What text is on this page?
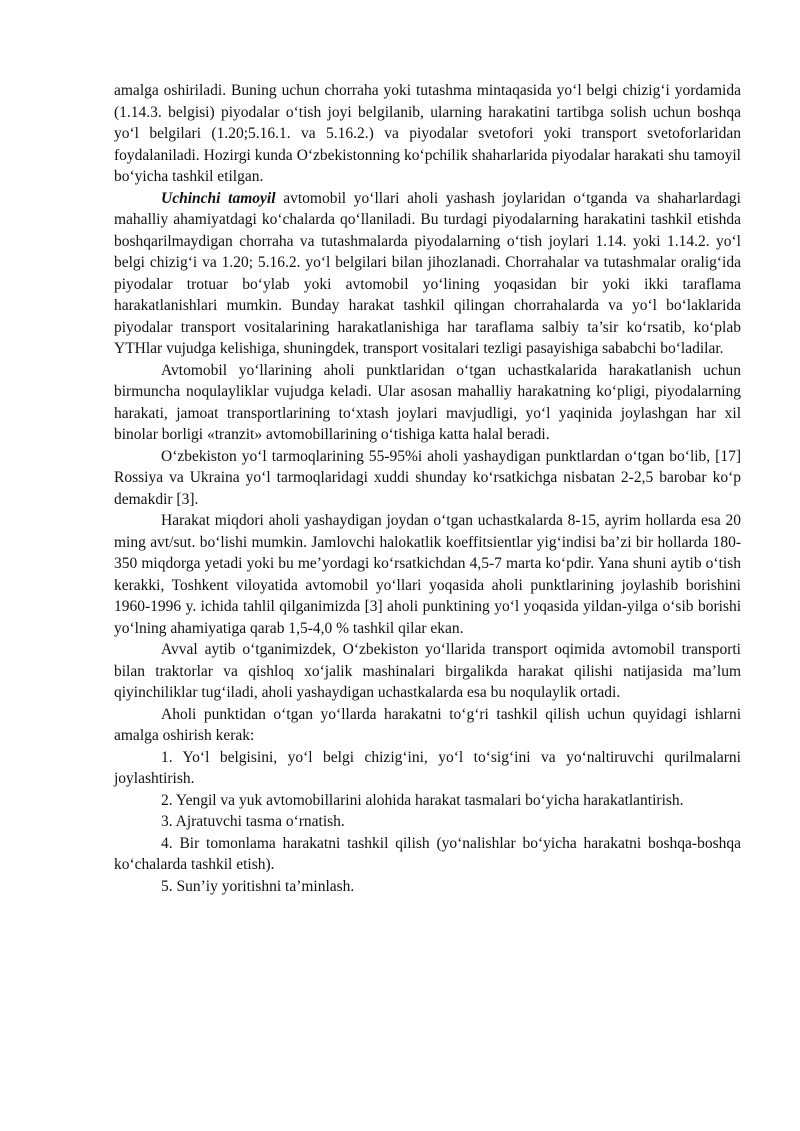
amalga oshiriladi. Buning uchun chorraha yoki tutashma mintaqasida yo‘l belgi chizig‘i yordamida (1.14.3. belgisi) piyodalar o‘tish joyi belgilanib, ularning harakatini tartibga solish uchun boshqa yo‘l belgilari (1.20;5.16.1. va 5.16.2.) va piyodalar svetofori yoki transport svetoforlaridan foydalaniladi. Hozirgi kunda O‘zbekistonning ko‘pchilik shaharlarida piyodalar harakati shu tamoyil bo‘yicha tashkil etilgan.

Uchinchi tamoyil avtomobil yo‘llari aholi yashash joylaridan o‘tganda va shaharlardagi mahalliy ahamiyatdagi ko‘chalarda qo‘llaniladi. Bu turdagi piyodalarning harakatini tashkil etishda boshqarilmaydigan chorraha va tutashmalarda piyodalarning o‘tish joylari 1.14. yoki 1.14.2. yo‘l belgi chizig‘i va 1.20; 5.16.2. yo‘l belgilari bilan jihozlanadi. Chorrahalar va tutashmalar oralig‘ida piyodalar trotuar bo‘ylab yoki avtomobil yo‘lining yoqasidan bir yoki ikki taraflama harakatlanishlari mumkin. Bunday harakat tashkil qilingan chorrahalarda va yo‘l bo‘laklarida piyodalar transport vositalarining harakatlanishiga har taraflama salbiy ta’sir ko‘rsatib, ko‘plab YTHlar vujudga kelishiga, shuningdek, transport vositalari tezligi pasayishiga sababchi bo‘ladilar.

Avtomobil yo‘llarining aholi punktlaridan o‘tgan uchastkalarida harakatlanish uchun birmuncha noqulayliklar vujudga keladi. Ular asosan mahalliy harakatning ko‘pligi, piyodalarning harakati, jamoat transportlarining to‘xtash joylari mavjudligi, yo‘l yaqinida joylashgan har xil binolar borligi «tranzit» avtomobillarining o‘tishiga katta halal beradi.

O‘zbekiston yo‘l tarmoqlarining 55-95%i aholi yashaydigan punktlardan o‘tgan bo‘lib, [17] Rossiya va Ukraina yo‘l tarmoqlaridagi xuddi shunday ko‘rsatkichga nisbatan 2-2,5 barobar ko‘p demakdir [3].

Harakat miqdori aholi yashaydigan joydan o‘tgan uchastkalarda 8-15, ayrim hollarda esa 20 ming avt/sut. bo‘lishi mumkin. Jamlovchi halokatlik koeffitsientlar yig‘indisi ba’zi bir hollarda 180-350 miqdorga yetadi yoki bu me’yordagi ko‘rsatkichdan 4,5-7 marta ko‘pdir. Yana shuni aytib o‘tish kerakki, Toshkent viloyatida avtomobil yo‘llari yoqasida aholi punktlarining joylashib borishini 1960-1996 y. ichida tahlil qilganimizda [3] aholi punktining yo‘l yoqasida yildan-yilga o‘sib borishi yo‘lning ahamiyatiga qarab 1,5-4,0 % tashkil qilar ekan.

Avval aytib o‘tganimizdek, O‘zbekiston yo‘llarida transport oqimida avtomobil transporti bilan traktorlar va qishloq xo‘jalik mashinalari birgalikda harakat qilishi natijasida ma’lum qiyinchiliklar tug‘iladi, aholi yashaydigan uchastkalarda esa bu noqulaylik ortadi.

Aholi punktidan o‘tgan yo‘llarda harakatni to‘g‘ri tashkil qilish uchun quyidagi ishlarni amalga oshirish kerak:

1. Yo‘l belgisini, yo‘l belgi chizig‘ini, yo‘l to‘sig‘ini va yo‘naltiruvchi qurilmalarni joylashtirish.

2. Yengil va yuk avtomobillarini alohida harakat tasmalari bo‘yicha harakatlantirish.

3. Ajratuvchi tasma o‘rnatish.

4. Bir tomonlama harakatni tashkil qilish (yo‘nalishlar bo‘yicha harakatni boshqa-boshqa ko‘chalarda tashkil etish).

5. Sun’iy yoritishni ta’minlash.
